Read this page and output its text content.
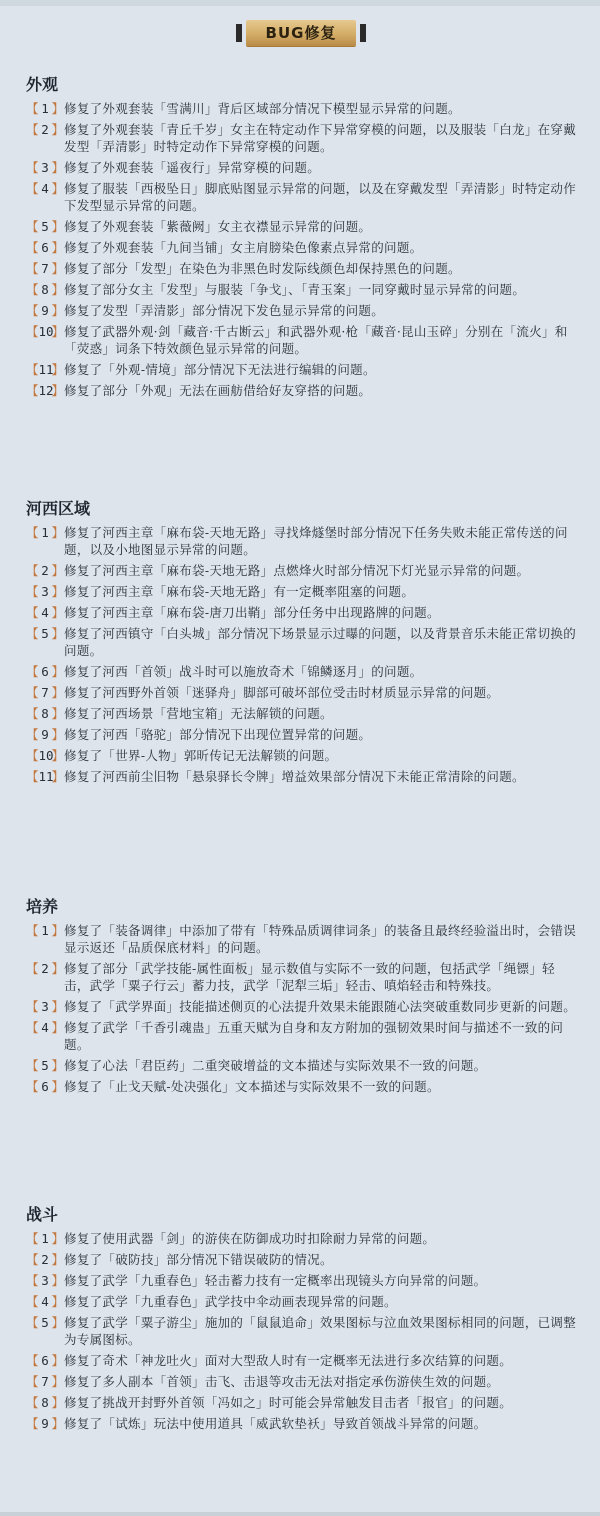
BUG修复
外观
【 1 】 修复了外观套装「雪满川」背后区域部分情况下模型显示异常的问题。
【 2 】 修复了外观套装「青丘千岁」女主在特定动作下异常穿模的问题，以及服装「白龙」在穿戴发型「弄清影」时特定动作下异常穿模的问题。
【 3 】 修复了外观套装「遥夜行」异常穿模的问题。
【 4 】 修复了服装「西极坠日」脚底贴图显示异常的问题，以及在穿戴发型「弄清影」时特定动作下发型显示异常的问题。
【 5 】 修复了外观套装「紫薇阙」女主衣襟显示异常的问题。
【 6 】 修复了外观套装「九间当铺」女主肩膀染色像素点异常的问题。
【 7 】 修复了部分「发型」在染色为非黑色时发际线颜色却保持黑色的问题。
【 8 】 修复了部分女主「发型」与服装「争戈」、「青玉案」一同穿戴时显示异常的问题。
【 9 】 修复了发型「弄清影」部分情况下发色显示异常的问题。
【10】 修复了武器外观·剑「藏音·千古断云」和武器外观·枪「藏音·昆山玉碎」分别在「流火」和「荧惑」词条下特效颜色显示异常的问题。
【11】 修复了「外观-情境」部分情况下无法进行编辑的问题。
【12】 修复了部分「外观」无法在画舫借给好友穿搭的问题。
河西区域
【 1 】 修复了河西主章「麻布袋-天地无路」寻找烽燧堡时部分情况下任务失败未能正常传送的问题，以及小地图显示异常的问题。
【 2 】 修复了河西主章「麻布袋-天地无路」点燃烽火时部分情况下灯光显示异常的问题。
【 3 】 修复了河西主章「麻布袋-天地无路」有一定概率阻塞的问题。
【 4 】 修复了河西主章「麻布袋-唐刀出鞘」部分任务中出现路牌的问题。
【 5 】 修复了河西镇守「白头城」部分情况下场景显示过曝的问题，以及背景音乐未能正常切换的问题。
【 6 】 修复了河西「首领」战斗时可以施放奇术「锦鳞逐月」的问题。
【 7 】 修复了河西野外首领「迷驿舟」脚部可破坏部位受击时材质显示异常的问题。
【 8 】 修复了河西场景「营地宝箱」无法解锁的问题。
【 9 】 修复了河西「骆驼」部分情况下出现位置异常的问题。
【10】 修复了「世界-人物」郭昕传记无法解锁的问题。
【11】 修复了河西前尘旧物「悬泉驿长令牌」增益效果部分情况下未能正常清除的问题。
培养
【 1 】 修复了「装备调律」中添加了带有「特殊品质调律词条」的装备且最终经验溢出时，会错误显示返还「品质保底材料」的问题。
【 2 】 修复了部分「武学技能-属性面板」显示数值与实际不一致的问题，包括武学「绳镖」轻击，武学「粟子行云」蓄力技，武学「泥犁三垢」轻击、嗔焰轻击和特殊技。
【 3 】 修复了「武学界面」技能描述侧页的心法提升效果未能跟随心法突破重数同步更新的问题。
【 4 】 修复了武学「千香引魂蛊」五重天赋为自身和友方附加的强韧效果时间与描述不一致的问题。
【 5 】 修复了心法「君臣药」二重突破增益的文本描述与实际效果不一致的问题。
【 6 】 修复了「止戈天赋-处决强化」文本描述与实际效果不一致的问题。
战斗
【 1 】 修复了使用武器「剑」的游侠在防御成功时扣除耐力异常的问题。
【 2 】 修复了「破防技」部分情况下错误破防的情况。
【 3 】 修复了武学「九重春色」轻击蓄力技有一定概率出现镜头方向异常的问题。
【 4 】 修复了武学「九重春色」武学技中伞动画表现异常的问题。
【 5 】 修复了武学「粟子游尘」施加的「鼠鼠追命」效果图标与泣血效果图标相同的问题，已调整为专属图标。
【 6 】 修复了奇术「神龙吐火」面对大型敌人时有一定概率无法进行多次结算的问题。
【 7 】 修复了多人副本「首领」击飞、击退等攻击无法对指定承伤游侠生效的问题。
【 8 】 修复了挑战开封野外首领「冯如之」时可能会异常触发目击者「报官」的问题。
【 9 】 修复了「试炼」玩法中使用道具「威武软垫袄」导致首领战斗异常的问题。
